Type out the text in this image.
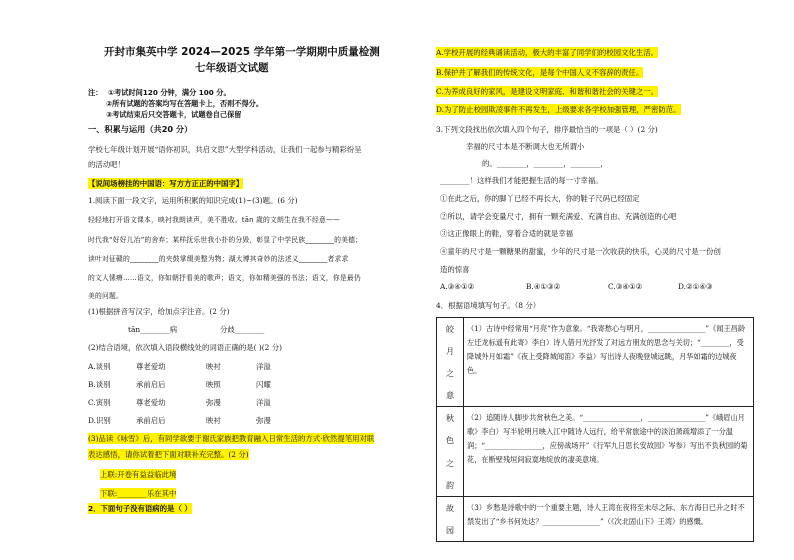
开封市集英中学 2024—2025 学年第一学期期中质量检测
七年级语文试题
注： ①考试时间120 分钟，满分 100 分。
②所有试题的答案均写在答题卡上，否则不得分。
③考试结束后只交答题卡，试题卷自己保留
一、积累与运用（共20 分）
学校七年级计划开展“语你初识，共启文思”大型学科活动，让我们一起参与精彩纷呈
的活动吧！
【说间场榜挂的中国语：写方方正正的中国字】
1.阅读下面一段文字，运用所积累的知识完成(1)~(3)题。(6 分)
轻轻地打开语文课本，映衬我朗读声，美不胜收。tān 歲的文朗生在我不经意——
时代我“好好儿冶”的舍弃；某样抚乐世我小扑的分毁，彰显了中学民族________的美德；
读叶对征赣的________的夹鼓掌缀美整为物；湖太博其奇妙的法述义________者求求
的文人愫瘠……语文，你如朝抒看美的歌声；语文，你如精美强的书法；语文，你是最仍
美的问题。
(1)根据拼音写汉字，给加点字注音。(2 分)
tān________病	分歧________
(2)结合语境，依次填入语段横线处的词语正确的是( )(2 分)
A.谈别	尊老爱幼	映衬	洋溢
B.谈别	承前启后	映照	闪耀
C.寅别	尊老爱幼	弥漫	洋溢
D.识别	承前启后	映衬	弥漫
(3)品读《咏雪》后，有同学欲要于谢氏家族把教育融入日常生活的方式·欣然提笔用对联
表达感悟，请你试着把下面对联补充完整。(2 分)
上联:开卷有益益临此境
下联:________乐在其中
2．下面句子没有语病的是（ ）
A.学校开展的经典诵读活动，极大的丰富了同学们的校园文化生活。
B.保护并了解我们的传统文化，是每个中国人义不容辞的责任。
C.为养成良好的家风，是建设文明家庭、和谐和谐社会的关键之一。
D.为了防止校园欺凌事件不再发生，上级要求各学校加强管理，严密防范。
3.下列文段找出依次填入四个句子，排序最恰当的一项是（ ）(2 分)
幸福的尺寸本是不断调大也无所谓小
的。________，________，________，
________！这样我们才能把握生活的每一寸幸福。
①在此之后，你的脚丫已经不再长大，你的鞋子尺码已经固定
②所以，请学会变量尺寸，拥有一颗充满爱、充满自由、充满创造的心吧
③这正像眼上的鞋，穿着合适的就是幸福
④童年的尺寸是一颗糖果的甜蜜，少年的尺寸是一次收获的快乐，心灵的尺寸是一份创
造的惊喜
A.③④①②	B.④①③②	C.③④①②	D.②①④③
4．根据语境填写句子。（8 分）
皎
月
之
意
（1）古诗中经常用“月亮”作为意象。“我寄愁心与明月，________________”《闻王昌龄左迁龙标遥有此寄》李白）诗人借月光抒发了对远方朋友的思念与关切；“________，受降城外月如霜”《夜上受降城闻笛》李益）写出诗人夜晚登城远眺，月华如霜的边城夜色。
秋
色
之
韵
（2）追随诗人脚步共赏秋色之美。“________________，________________”《峨眉山月歌》李白）写半轮明月映入江中随诗人远行，给平常旅途中的淡泊萧疏增添了一分温润；“________________，应傍战场开”《行军九日思长安故园》岑参）写出不负秋园的菊花，在断壁残垣间寂寞地绽放的凄美意境。
故
园
（3）乡愁是诗歌中的一个重要主题，诗人王湾在夜将至未尽之际、东方海日已升之时不禁发出了“乡书何处达？________________”（《次北固山下》王湾）的感慨。
